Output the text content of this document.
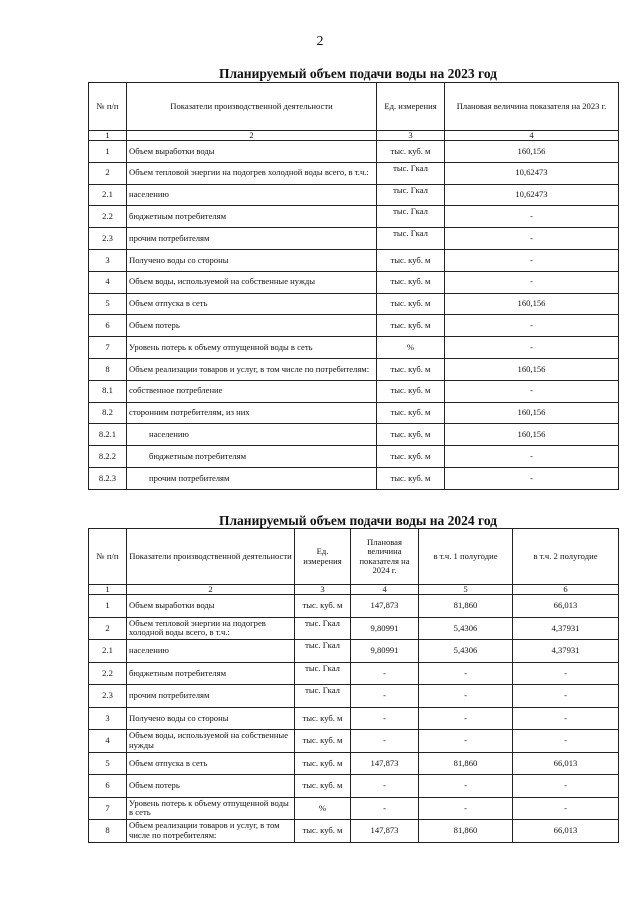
2
Планируемый объем подачи воды на 2023 год
№ п/п	Показатели производственной деятельности	Ед. измерения	Плановая величина показателя на 2023 г.
1	2	3	4
1	Объем выработки воды	тыс. куб. м	160,156
2	Объем тепловой энергии на подогрев холодной воды всего, в т.ч.:	тыс. Гкал	10,62473
2.1	населению	тыс. Гкал	10,62473
2.2	бюджетным потребителям	тыс. Гкал	-
2.3	прочим потребителям	тыс. Гкал	-
3	Получено воды со стороны	тыс. куб. м	-
4	Объем воды, используемой на собственные нужды	тыс. куб. м	-
5	Объем отпуска в сеть	тыс. куб. м	160,156
6	Объем потерь	тыс. куб. м	-
7	Уровень потерь к объему отпущенной воды в сеть	%	-
8	Объем реализации товаров и услуг, в том числе по потребителям:	тыс. куб. м	160,156
8.1	собственное потребление	тыс. куб. м	-
8.2	сторонним потребителям, из них	тыс. куб. м	160,156
8.2.1	населению	тыс. куб. м	160,156
8.2.2	бюджетным потребителям	тыс. куб. м	-
8.2.3	прочим потребителям	тыс. куб. м	-
Планируемый объем подачи воды на 2024 год
№ п/п	Показатели производственной деятельности	Ед. измерения	Плановая величина показателя на 2024 г.	в т.ч. 1 полугодие	в т.ч. 2 полугодие
1	2	3	4	5	6
1	Объем выработки воды	тыс. куб. м	147,873	81,860	66,013
2	Объем тепловой энергии на подогрев холодной воды всего, в т.ч.:	тыс. Гкал	9,80991	5,4306	4,37931
2.1	населению	тыс. Гкал	9,80991	5,4306	4,37931
2.2	бюджетным потребителям	тыс. Гкал	-	-	-
2.3	прочим потребителям	тыс. Гкал	-	-	-
3	Получено воды со стороны	тыс. куб. м	-	-	-
4	Объем воды, используемой на собственные нужды	тыс. куб. м	-	-	-
5	Объем отпуска в сеть	тыс. куб. м	147,873	81,860	66,013
6	Объем потерь	тыс. куб. м	-	-	-
7	Уровень потерь к объему отпущенной воды в сеть	%	-	-	-
8	Объем реализации товаров и услуг, в том числе по потребителям:	тыс. куб. м	147,873	81,860	66,013
